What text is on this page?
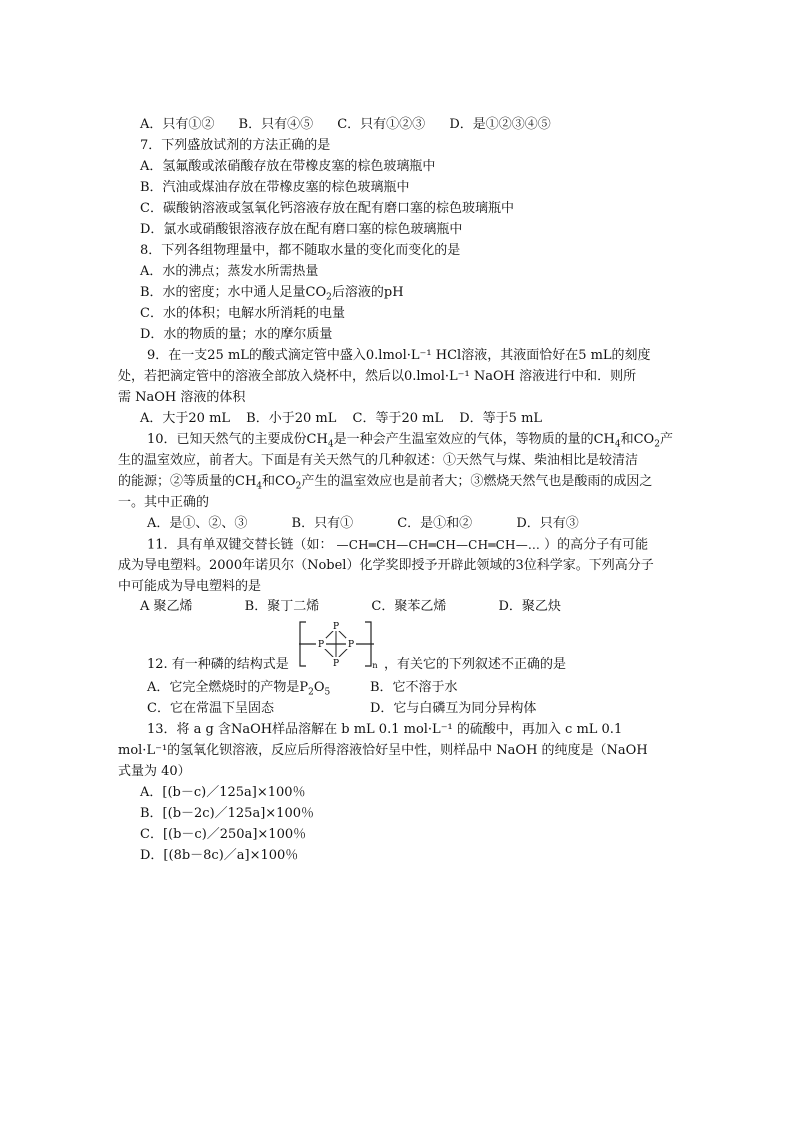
A．只有①② B．只有④⑤ C．只有①②③ D．是①②③④⑤
7．下列盛放试剂的方法正确的是
A．氢氟酸或浓硝酸存放在带橡皮塞的棕色玻璃瓶中
B．汽油或煤油存放在带橡皮塞的棕色玻璃瓶中
C．碳酸钠溶液或氢氧化钙溶液存放在配有磨口塞的棕色玻璃瓶中
D．氯水或硝酸银溶液存放在配有磨口塞的棕色玻璃瓶中
8．下列各组物理量中，都不随取水量的变化而变化的是
A．水的沸点；蒸发水所需热量
B．水的密度；水中通人足量$CO_2$后溶液的pH
C．水的体积；电解水所消耗的电量
D．水的物质的量；水的摩尔质量
9．在一支25 mL的酸式滴定管中盛入0.lmol·L⁻¹ HCl溶液，其液面恰好在5 mL的刻度
处，若把滴定管中的溶液全部放入烧杯中，然后以0.lmol·L⁻¹ NaOH 溶液进行中和．则所
需 NaOH 溶液的体积
A．大于20 mL B．小于20 mL C．等于20 mL D．等于5 mL
10．已知天然气的主要成份$CH_4$是一种会产生温室效应的气体，等物质的量的$CH_4$和$CO_2$产
生的温室效应，前者大。下面是有关天然气的几种叙述：①天然气与煤、柴油相比是较清洁
的能源；②等质量的$CH_4$和$CO_2$产生的温室效应也是前者大；③燃烧天然气也是酸雨的成因之
一。其中正确的
A．是①、②、③	B．只有①	C．是①和②	D．只有③
11．具有单双键交替长链（如： —CH═CH—CH═CH—CH═CH—… ）的高分子有可能
成为导电塑料。2000年诺贝尔（Nobel）化学奖即授予开辟此领域的3位科学家。下列高分子
中可能成为导电塑料的是
A 聚乙烯	B．聚丁二烯	C．聚苯乙烯	D．聚乙炔
P
P
P	P
n
12. 有一种磷的结构式是	，有关它的下列叙述不正确的是
A．它完全燃烧时的产物是$P_2O_5$	B．它不溶于水
C．它在常温下呈固态	D．它与白磷互为同分异构体
13．将 a g 含NaOH样品溶解在 b mL 0.1 mol·L⁻¹ 的硫酸中，再加入 c mL 0.1
mol·L⁻¹的氢氧化钡溶液，反应后所得溶液恰好呈中性，则样品中 NaOH 的纯度是（NaOH
式量为 40）
A．[(b－c)／125a]×100％
B．[(b－2c)／125a]×100％
C．[(b－c)／250a]×100％
D．[(8b－8c)／a]×100％
